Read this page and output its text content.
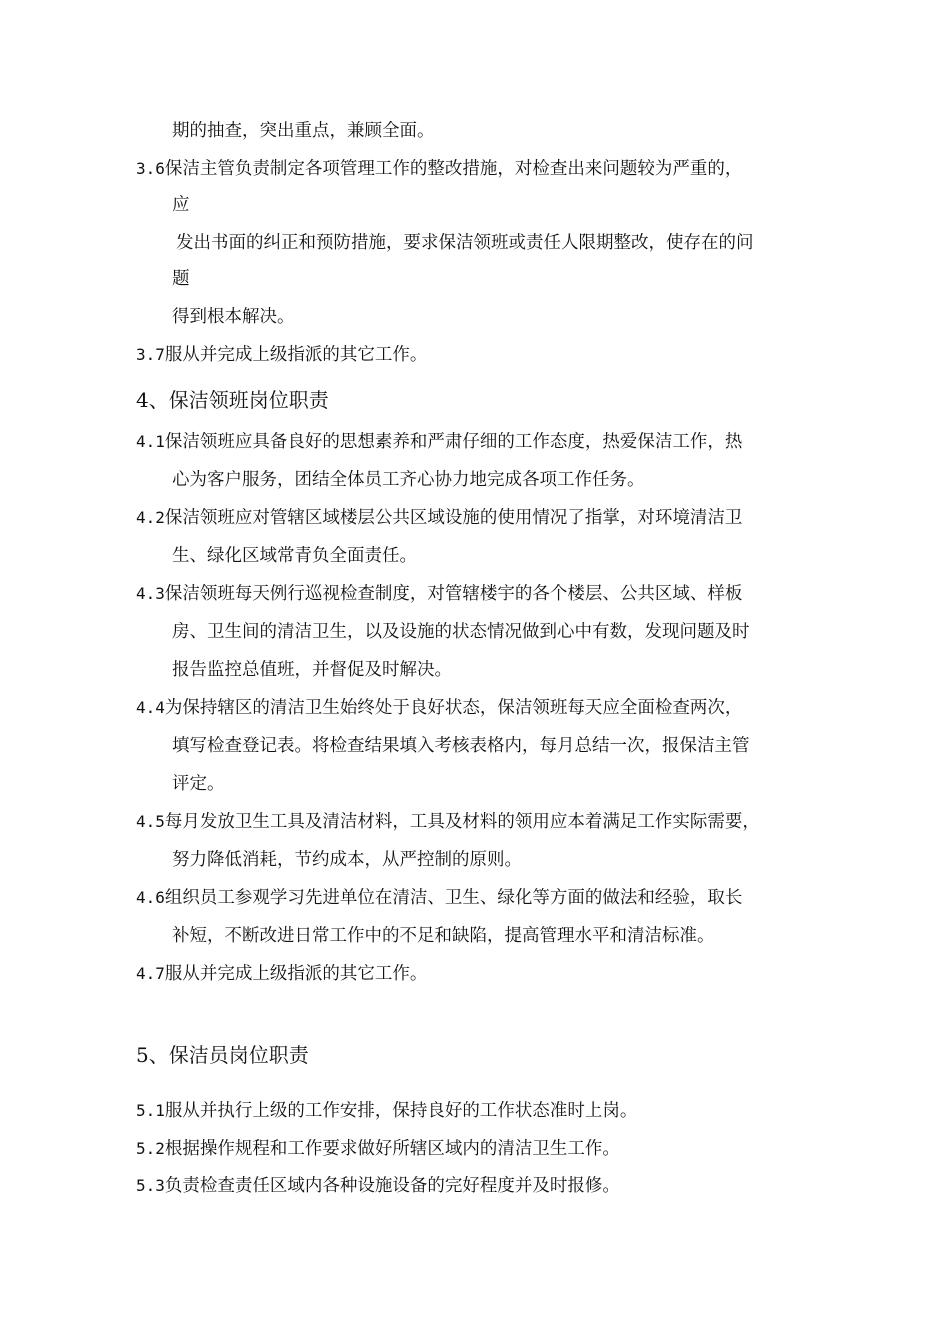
期的抽查，突出重点，兼顾全面。
3.6保洁主管负责制定各项管理工作的整改措施，对检查出来问题较为严重的，
应
发出书面的纠正和预防措施，要求保洁领班或责任人限期整改，使存在的问
题
得到根本解决。
3.7服从并完成上级指派的其它工作。
4、保洁领班岗位职责
4.1保洁领班应具备良好的思想素养和严肃仔细的工作态度，热爱保洁工作，热
心为客户服务，团结全体员工齐心协力地完成各项工作任务。
4.2保洁领班应对管辖区域楼层公共区域设施的使用情况了指掌，对环境清洁卫
生、绿化区域常青负全面责任。
4.3保洁领班每天例行巡视检查制度，对管辖楼宇的各个楼层、公共区域、样板
房、卫生间的清洁卫生，以及设施的状态情况做到心中有数，发现问题及时
报告监控总值班，并督促及时解决。
4.4为保持辖区的清洁卫生始终处于良好状态，保洁领班每天应全面检查两次，
填写检查登记表。将检查结果填入考核表格内，每月总结一次，报保洁主管
评定。
4.5每月发放卫生工具及清洁材料，工具及材料的领用应本着满足工作实际需要，
努力降低消耗，节约成本，从严控制的原则。
4.6组织员工参观学习先进单位在清洁、卫生、绿化等方面的做法和经验，取长
补短，不断改进日常工作中的不足和缺陷，提高管理水平和清洁标准。
4.7服从并完成上级指派的其它工作。
5、保洁员岗位职责
5.1服从并执行上级的工作安排，保持良好的工作状态准时上岗。
5.2根据操作规程和工作要求做好所辖区域内的清洁卫生工作。
5.3负责检查责任区域内各种设施设备的完好程度并及时报修。
